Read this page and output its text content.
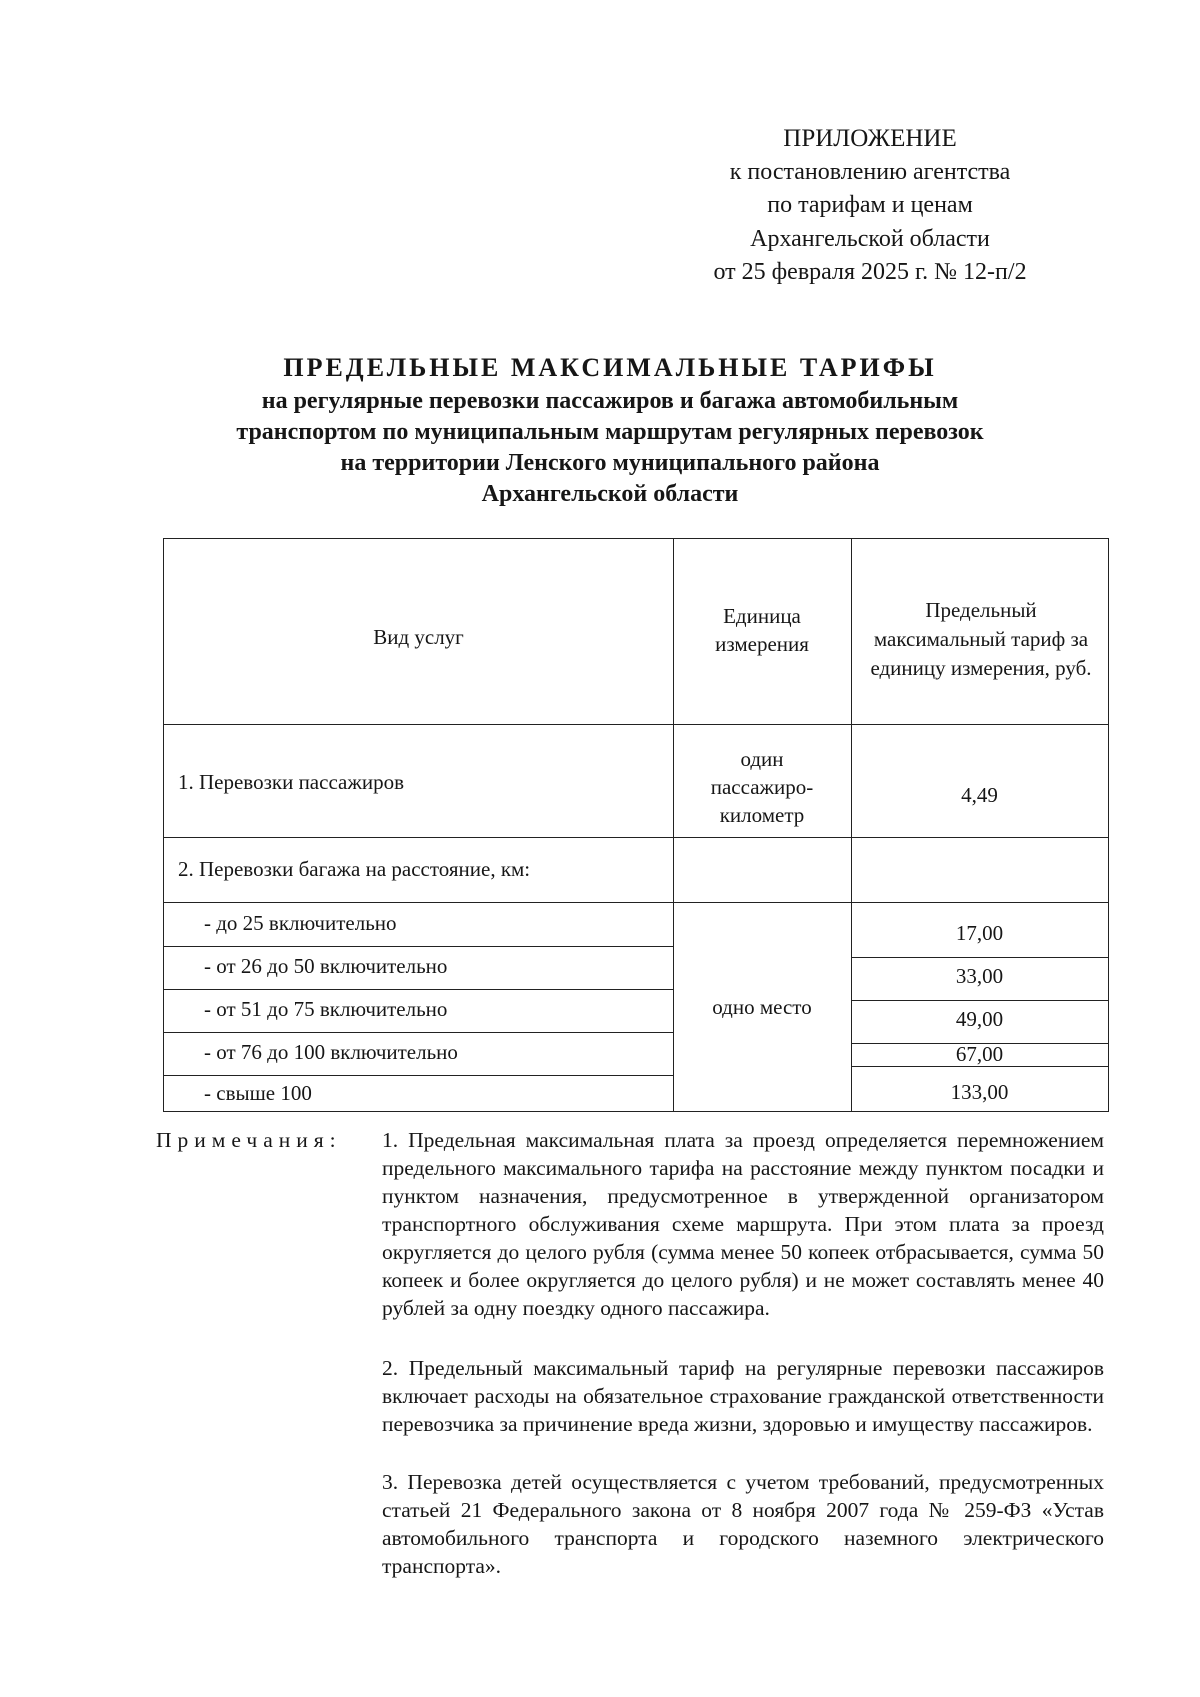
ПРИЛОЖЕНИЕ
к постановлению агентства
по тарифам и ценам
Архангельской области
от 25 февраля 2025 г. № 12-п/2
ПРЕДЕЛЬНЫЕ МАКСИМАЛЬНЫЕ ТАРИФЫ
на регулярные перевозки пассажиров и багажа автомобильным
транспортом по муниципальным маршрутам регулярных перевозок
на территории Ленского муниципального района
Архангельской области
Вид услуг
Единица измерения
Предельный максимальный тариф за единицу измерения, руб.
1. Перевозки пассажиров
один пассажиро-километр
4,49
2. Перевозки багажа на расстояние, км:
- до 25 включительно
- от 26 до 50 включительно
- от 51 до 75 включительно
- от 76 до 100 включительно
- свыше 100
одно место
17,00
33,00
49,00
67,00
133,00
Примечания: 1. Предельная максимальная плата за проезд определяется перемножением предельного максимального тарифа на расстояние между пунктом посадки и пунктом назначения, предусмотренное в утвержденной организатором транспортного обслуживания схеме маршрута. При этом плата за проезд округляется до целого рубля (сумма менее 50 копеек отбрасывается, сумма 50 копеек и более округляется до целого рубля) и не может составлять менее 40 рублей за одну поездку одного пассажира.
2. Предельный максимальный тариф на регулярные перевозки пассажиров включает расходы на обязательное страхование гражданской ответственности перевозчика за причинение вреда жизни, здоровью и имуществу пассажиров.
3. Перевозка детей осуществляется с учетом требований, предусмотренных статьей 21 Федерального закона от 8 ноября 2007 года № 259-ФЗ «Устав автомобильного транспорта и городского наземного электрического транспорта».
